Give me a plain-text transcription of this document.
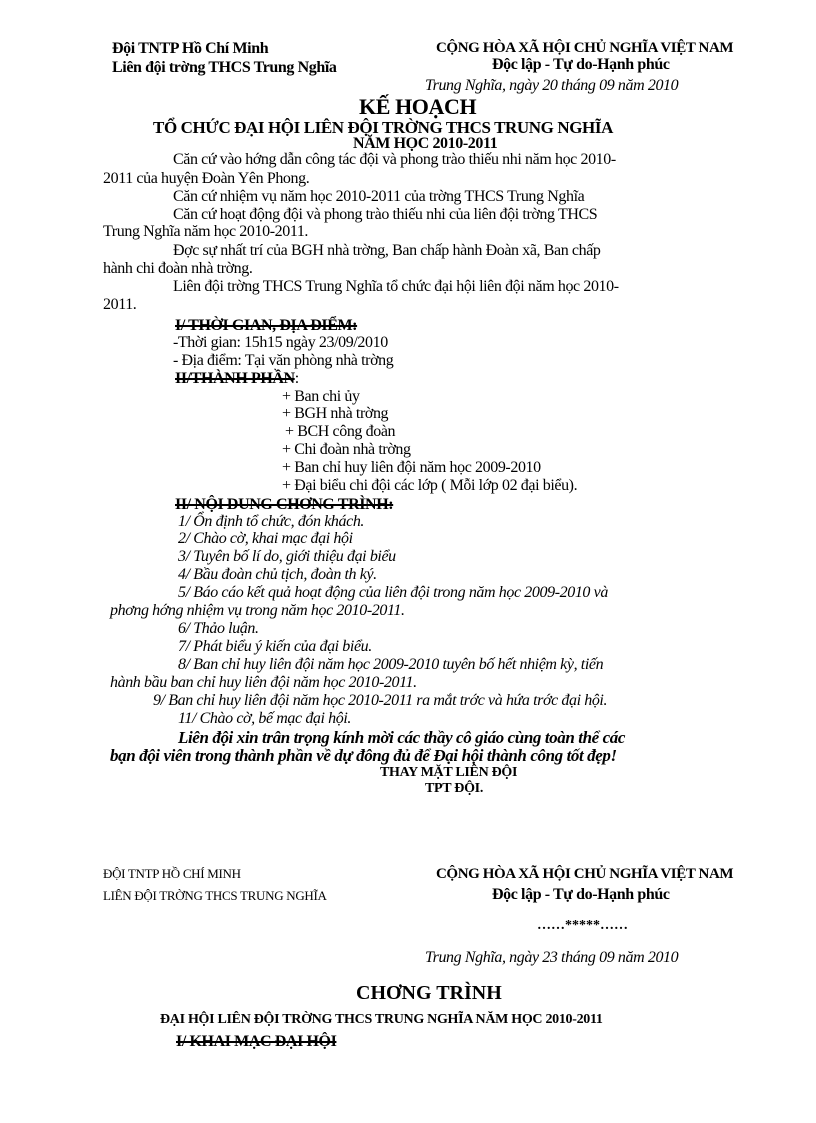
Đội TNTP Hồ Chí Minh
Liên đội trờng THCS Trung Nghĩa
CỘNG HÒA XÃ HỘI CHỦ NGHĨA VIỆT NAM
Độc lập - Tự do-Hạnh phúc
Trung Nghĩa, ngày 20 tháng 09 năm 2010
KẾ HOẠCH
TỔ CHỨC ĐẠI HỘI LIÊN ĐỘI TRỜNG THCS TRUNG NGHĨA
NĂM HỌC 2010-2011
Căn cứ vào hớng dẫn công tác đội và phong trào thiếu nhi năm học 2010-
2011 của huyện Đoàn Yên Phong.
Căn cứ nhiệm vụ năm học 2010-2011 của trờng THCS Trung Nghĩa
Căn cứ hoạt động đội và phong trào thiếu nhi của liên đội trờng THCS
Trung Nghĩa năm học 2010-2011.
Đợc sự nhất trí của BGH nhà trờng, Ban chấp hành Đoàn xã, Ban chấp
hành chi đoàn nhà trờng.
Liên đội trờng THCS Trung Nghĩa tổ chức đại hội liên đội năm học 2010-
2011.
I/ THỜI GIAN, ĐỊA ĐIỂM:
-Thời gian: 15h15 ngày 23/09/2010
- Địa điểm: Tại văn phòng nhà trờng
II/THÀNH PHẦN:
+ Ban chi ủy
+ BGH nhà trờng
+ BCH công đoàn
+ Chi đoàn nhà trờng
+ Ban chỉ huy liên đội năm học 2009-2010
+ Đại biểu chi đội các lớp ( Mỗi lớp 02 đại biểu).
II/ NỘI DUNG CHƠNG TRÌNH:
1/ Ổn định tổ chức, đón khách.
2/ Chào cờ, khai mạc đại hội
3/ Tuyên bố lí do, giới thiệu đại biểu
4/ Bầu đoàn chủ tịch, đoàn th ký.
5/ Báo cáo kết quả hoạt động của liên đội trong năm học 2009-2010 và
phơng hớng nhiệm vụ trong năm học 2010-2011.
6/ Thảo luận.
7/ Phát biểu ý kiến của đại biểu.
8/ Ban chỉ huy liên đội năm học 2009-2010 tuyên bố hết nhiệm kỳ, tiến
hành bầu ban chỉ huy liên đội năm học 2010-2011.
9/ Ban chỉ huy liên đội năm học 2010-2011 ra mắt trớc và hứa trớc đại hội.
11/ Chào cờ, bế mạc đại hội.
Liên đội xin trân trọng kính mời các thầy cô giáo cùng toàn thể các
bạn đội viên trong thành phần về dự đông đủ để Đại hội thành công tốt đẹp!
THAY MẶT LIÊN ĐỘI
TPT ĐỘI.
ĐỘI TNTP HỒ CHÍ MINH
LIÊN ĐỘI TRỜNG THCS TRUNG NGHĨA
CỘNG HÒA XÃ HỘI CHỦ NGHĨA VIỆT NAM
Độc lập - Tự do-Hạnh phúc
……*****……
Trung Nghĩa, ngày 23 tháng 09 năm 2010
CHƠNG TRÌNH
ĐẠI HỘI LIÊN ĐỘI TRỜNG THCS TRUNG NGHĨA NĂM HỌC 2010-2011
I/ KHAI MẠC ĐẠI HỘI
